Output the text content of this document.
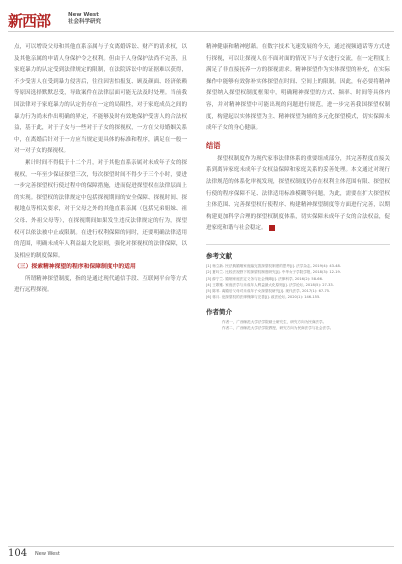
新西部	New West
社会科学研究

点，可以增设父母和其他直系亲属与子女离婚诉讼、财产的请求权，以及其他亲属的申请人身保护令之权利。但由于人身保护法尚不完善，且家庭暴力的认定受到法律规定的限制，在法院诉讼中的证据难以获得，不少受害人在受到暴力侵害后，往往因害怕报复、顾及颜面、经济依赖等原因选择默默忍受，导致案件在法律层面可能无法及时处理。当前我国法律对于家庭暴力的认定仍存在一定的局限性，对于家庭成员之间的暴力行为尚未作出明确的界定，不能够及时有效地保护受害人的合法权益，基于此，对于子女与一些对于子女的探视权，一方在父母婚姻关系中，在离婚后针对于一方应当规定更具体的标准和程序，满足在一般一对一对子女的探视权。

累计时间不得低于十二个月，对于其他直系亲属对未成年子女的探视权，一年至少保证探望三次，每次探望时间不得少于三个小时，要进一步完善探望权行使过程中的保障措施，进而促进探望权在法律层面上的实现。探望权的法律规定中包括探视期间的安全保障、探视时间、探视地点等相关要求，对于父母之外的其他直系亲属（包括兄弟姐妹、祖父母、外祖父母等），在探视期间如果发生违反法律规定的行为，探望权可以依法被中止或限制。在进行权利保障的同时，还要明确法律适用的范围，明确未成年人利益最大化原则，强化对探视权的法律保障，以及相应的制度保障。

（三）探索精神探望的程序和保障制度中的适用

所谓精神探望制度，指的是通过现代通信手段、互联网平台等方式进行远程探视。

精神健康和精神慰藉。在数字技术飞速发展的今天，通过视频通话等方式进行探视，可以让探视人在不面对面的情况下与子女进行交流，在一定程度上满足了非直接抚养一方的探视需求。精神探望作为实体探望的补充，在实际操作中能够有效弥补实体探望在时间、空间上的限制。因此，有必要将精神探望纳入探望权制度框架中，明确精神探望的方式、频率、时间等具体内容，并对精神探望中可能出现的问题进行规范，进一步完善我国探望权制度，构建起以实体探望为主、精神探望为辅的多元化探望模式，切实保障未成年子女的身心健康。

结语

探望权制度作为现代家事法律体系的重要组成部分，其完善程度直接关系到离异家庭未成年子女权益保障和家庭关系的妥善处理。本文通过对现行法律规范的体系化审视发现，探望权制度仍存在权利主体范围有限、探望权行使的程序保障不足、法律适用标准模糊等问题，为此，需要在扩大探望权主体范围、完善探望权行使程序、构建精神探望制度等方面进行完善，以期构建更加科学合理的探望权制度体系，切实保障未成年子女的合法权益，促进家庭和谐与社会稳定。

参考文献

[1] 杨立新. 民法典婚姻家庭编完善探望权制度的思考[J]. 法学杂志, 2019(4): 43-48.

[2] 夏吟兰. 比较法视野下的探望权制度研究[J]. 中华女子学院学报, 2018(3): 12-19.

[3] 薛宁兰. 婚姻家庭法定义务与社会保障[J]. 法律科学, 2016(2): 58-66.

[4] 王歌雅. 家庭法学与未成年人利益最大化原则[J]. 法学论坛, 2018(5): 27-33.

[5] 陈苇. 离婚后父母对未成年子女探望权研究[J]. 现代法学, 2017(1): 67-75.

[6] 蒋月. 论探望权的法律保障与完善[J]. 政法论坛, 2020(1): 146-155.

作者简介

作者一，广西师范大学法学院硕士研究生，研究方向为民商法学。

作者二，广西师范大学法学院教授，研究方向为民商法学与社会法学。

104 New West
